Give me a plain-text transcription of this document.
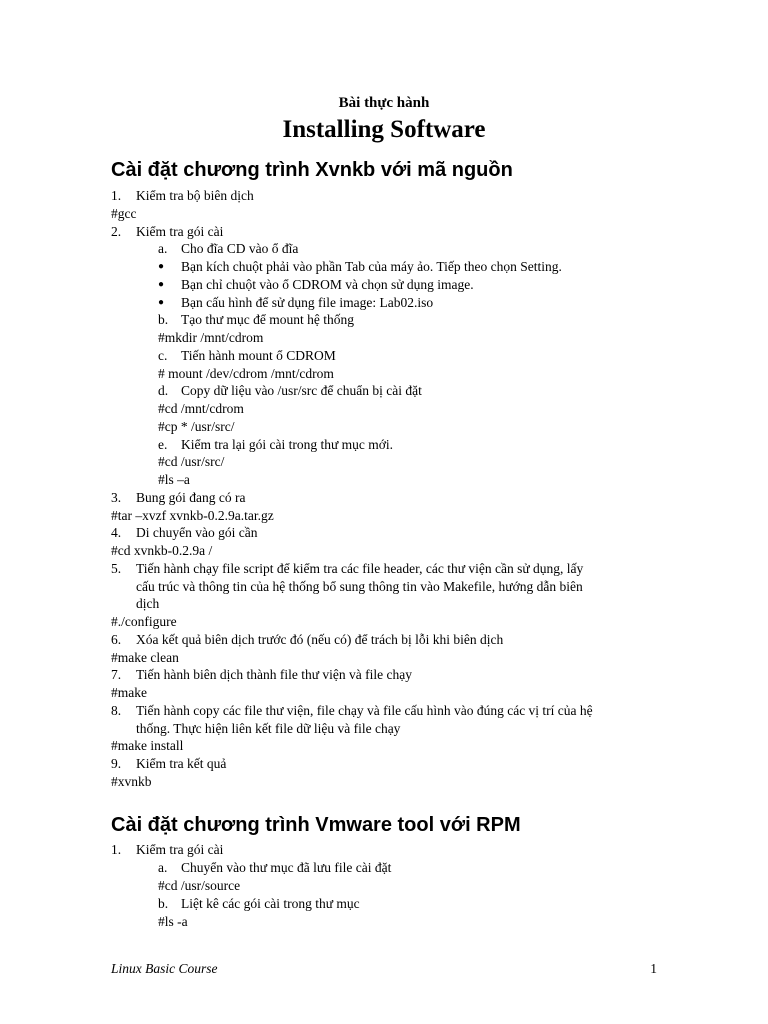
Bài thực hành
Installing Software
Cài đặt chương trình Xvnkb với mã nguồn
1. Kiểm tra bộ biên dịch
#gcc
2. Kiểm tra gói cài
a. Cho đĩa CD vào ổ đĩa
● Bạn kích chuột phải vào phần Tab của máy ảo. Tiếp theo chọn Setting.
● Bạn chỉ chuột vào ổ CDROM và chọn sử dụng image.
● Bạn cấu hình để sử dụng file image: Lab02.iso
b. Tạo thư mục để mount hệ thống
#mkdir /mnt/cdrom
c. Tiến hành mount ổ CDROM
# mount /dev/cdrom /mnt/cdrom
d. Copy dữ liệu vào /usr/src để chuẩn bị cài đặt
#cd /mnt/cdrom
#cp * /usr/src/
e. Kiểm tra lại gói cài trong thư mục mới.
#cd /usr/src/
#ls –a
3. Bung gói đang có ra
#tar –xvzf xvnkb-0.2.9a.tar.gz
4. Di chuyển vào gói cần
#cd xvnkb-0.2.9a /
5. Tiến hành chạy file script để kiểm tra các file header, các thư viện cần sử dụng, lấy
cấu trúc và thông tin của hệ thống bổ sung thông tin vào Makefile, hướng dẫn biên
dịch
#./configure
6. Xóa kết quả biên dịch trước đó (nếu có) để trách bị lỗi khi biên dịch
#make clean
7. Tiến hành biên dịch thành file thư viện và file chạy
#make
8. Tiến hành copy các file thư viện, file chạy và file cấu hình vào đúng các vị trí của hệ
thống. Thực hiện liên kết file dữ liệu và file chạy
#make install
9. Kiểm tra kết quả
#xvnkb
Cài đặt chương trình Vmware tool với RPM
1. Kiểm tra gói cài
a. Chuyển vào thư mục đã lưu file cài đặt
#cd /usr/source
b. Liệt kê các gói cài trong thư mục
#ls -a
Linux Basic Course	1
